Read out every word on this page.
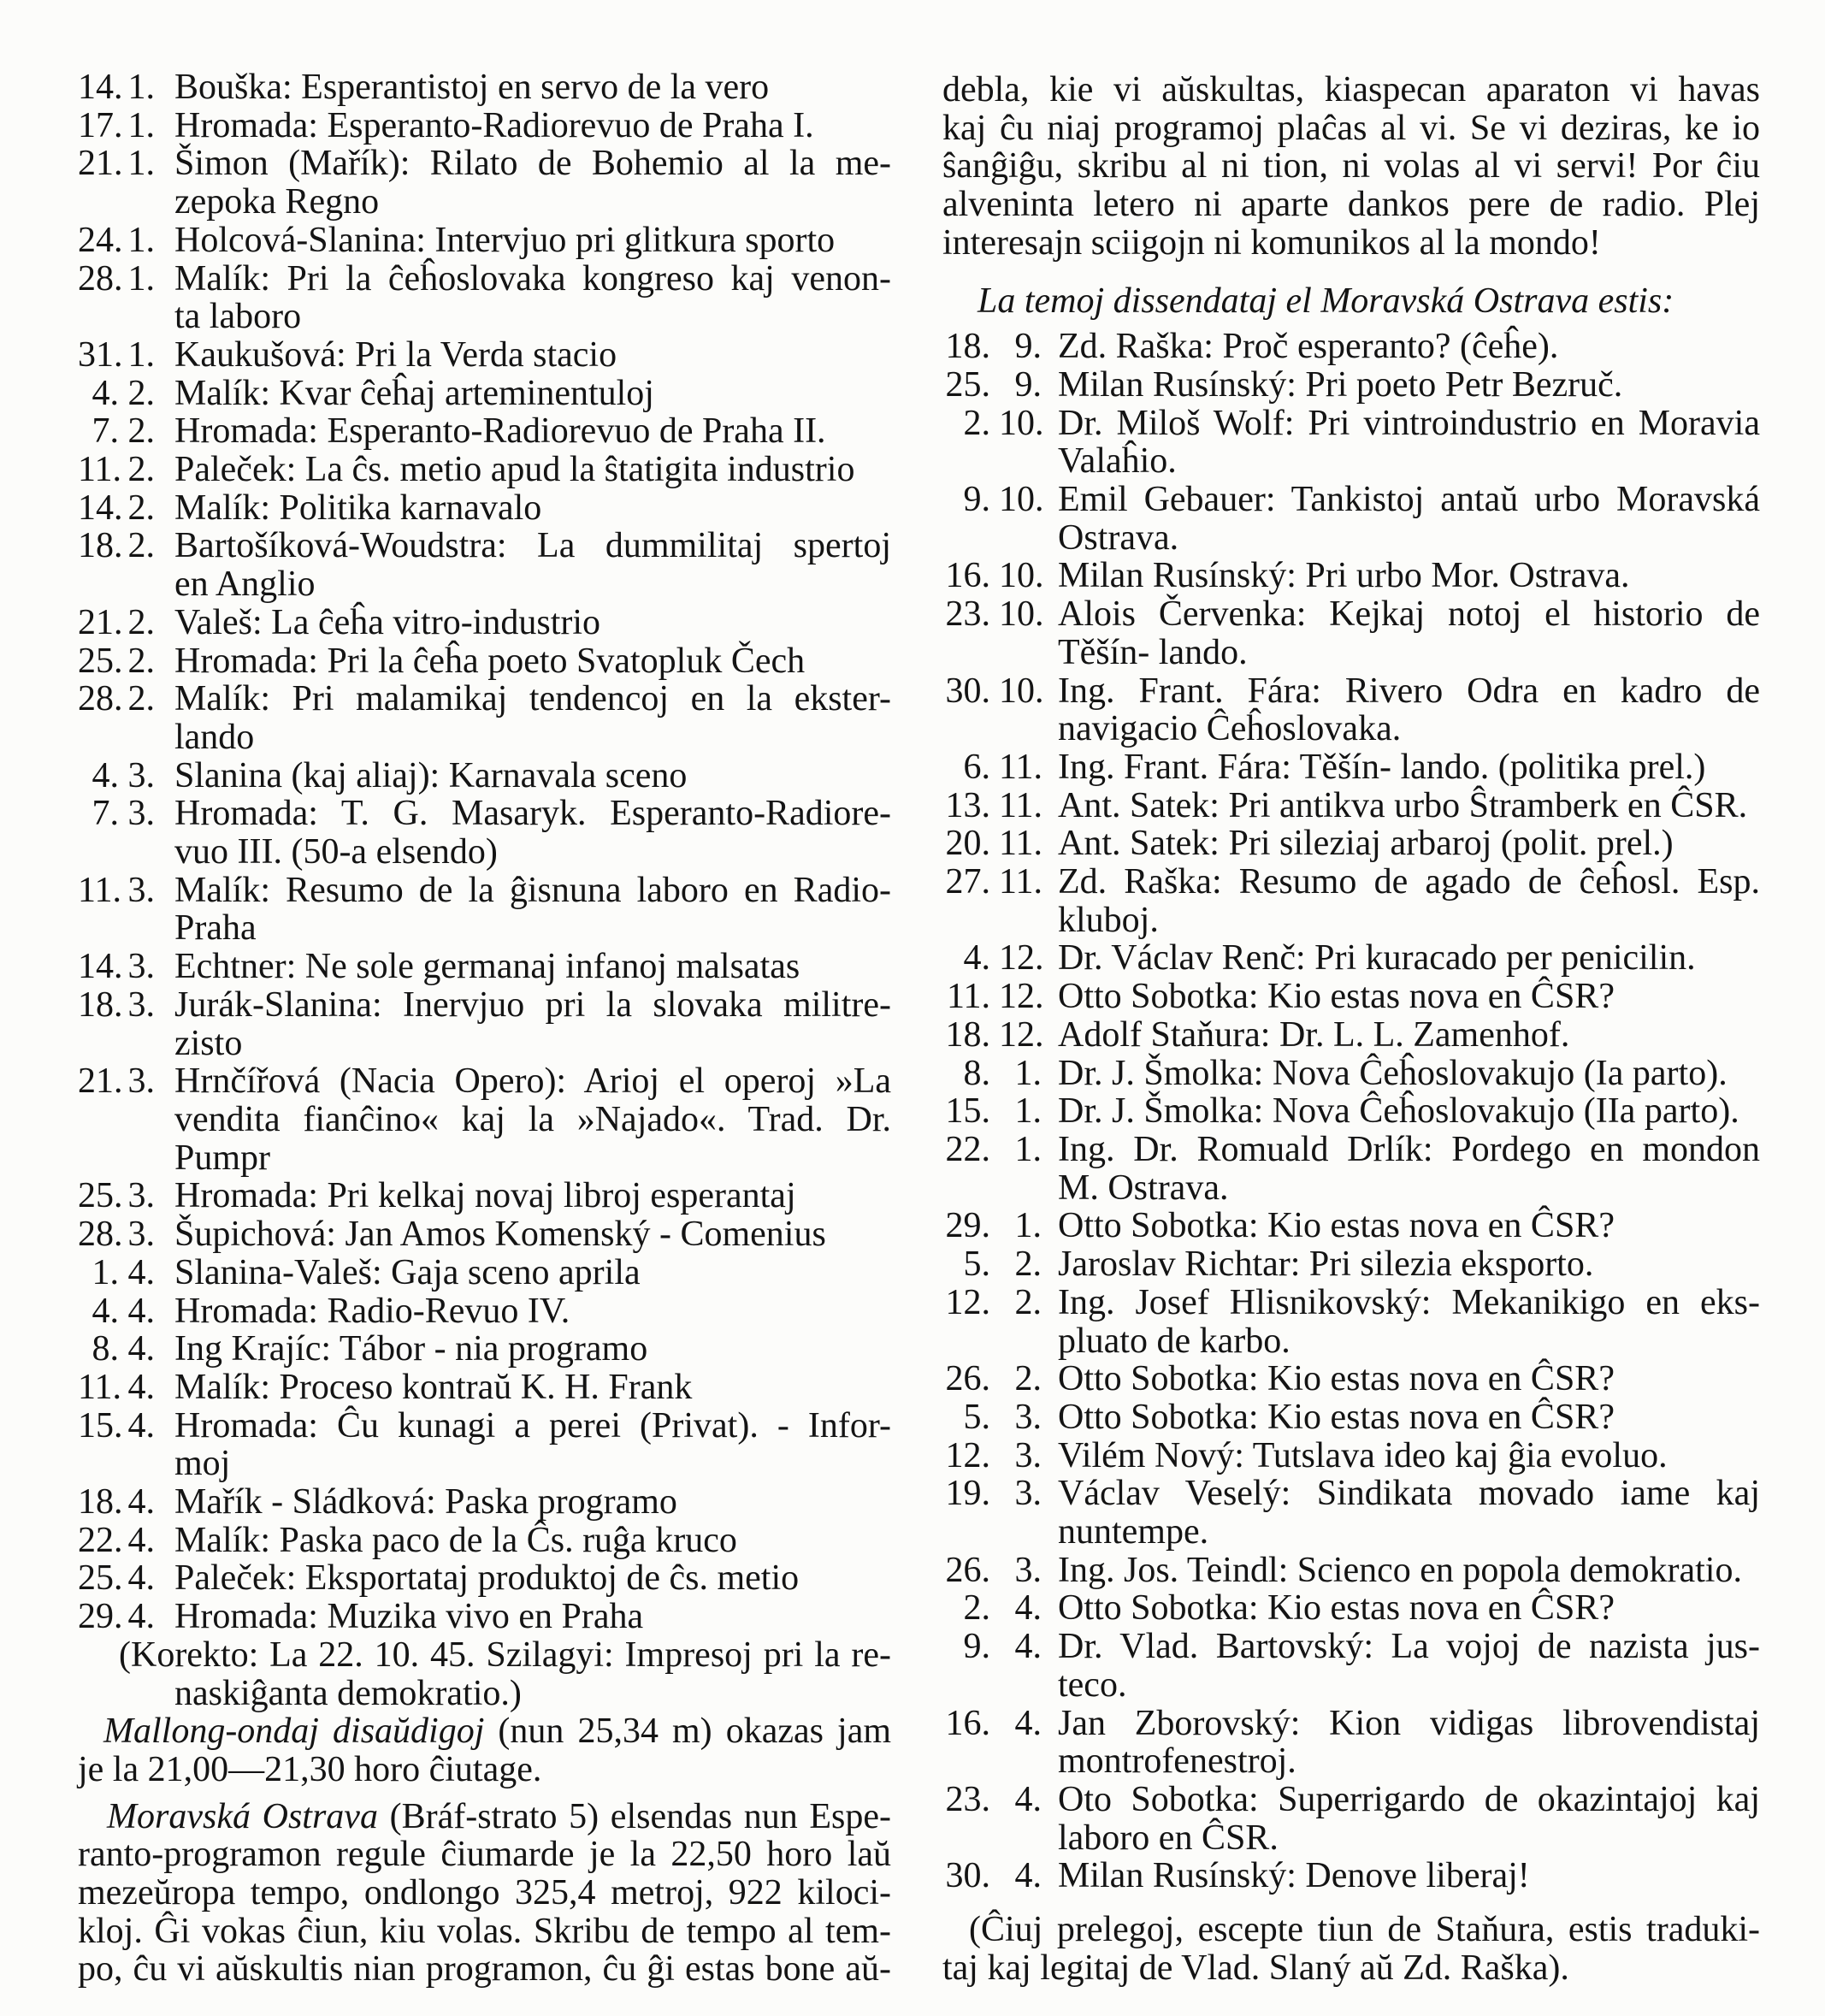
14. 1. Bouška: Esperantistoj en servo de la vero
17. 1. Hromada: Esperanto-Radiorevuo de Praha I.
21. 1. Šimon (Mařík): Rilato de Bohemio al la me-
zepoka Regno
24. 1. Holcová-Slanina: Intervjuo pri glitkura sporto
28. 1. Malík: Pri la ĉeĥoslovaka kongreso kaj venon-
ta laboro
31. 1. Kaukušová: Pri la Verda stacio
4. 2. Malík: Kvar ĉeĥaj arteminentuloj
7. 2. Hromada: Esperanto-Radiorevuo de Praha II.
11. 2. Paleček: La ĉs. metio apud la ŝtatigita industrio
14. 2. Malík: Politika karnavalo
18. 2. Bartošíková-Woudstra: La dummilitaj spertoj
en Anglio
21. 2. Valeš: La ĉeĥa vitro-industrio
25. 2. Hromada: Pri la ĉeĥa poeto Svatopluk Čech
28. 2. Malík: Pri malamikaj tendencoj en la ekster-
lando
4. 3. Slanina (kaj aliaj): Karnavala sceno
7. 3. Hromada: T. G. Masaryk. Esperanto-Radiore-
vuo III. (50-a elsendo)
11. 3. Malík: Resumo de la ĝisnuna laboro en Radio-
Praha
14. 3. Echtner: Ne sole germanaj infanoj malsatas
18. 3. Jurák-Slanina: Inervjuo pri la slovaka militre-
zisto
21. 3. Hrnčířová (Nacia Opero): Arioj el operoj »La
vendita fianĉino« kaj la »Najado«. Trad. Dr.
Pumpr
25. 3. Hromada: Pri kelkaj novaj libroj esperantaj
28. 3. Šupichová: Jan Amos Komenský - Comenius
1. 4. Slanina-Valeš: Gaja sceno aprila
4. 4. Hromada: Radio-Revuo IV.
8. 4. Ing Krajíc: Tábor - nia programo
11. 4. Malík: Proceso kontraŭ K. H. Frank
15. 4. Hromada: Ĉu kunagi a perei (Privat). - Infor-
moj
18. 4. Mařík - Sládková: Paska programo
22. 4. Malík: Paska paco de la Ĉs. ruĝa kruco
25. 4. Paleček: Eksportataj produktoj de ĉs. metio
29. 4. Hromada: Muzika vivo en Praha
(Korekto: La 22. 10. 45. Szilagyi: Impresoj pri la re-
naskiĝanta demokratio.)
Mallong-ondaj disaŭdigoj (nun 25,34 m) okazas jam
je la 21,00—21,30 horo ĉiutage.
Moravská Ostrava (Bráf-strato 5) elsendas nun Espe-
ranto-programon regule ĉiumarde je la 22,50 horo laŭ
mezeŭropa tempo, ondlongo 325,4 metroj, 922 kiloci-
kloj. Ĝi vokas ĉiun, kiu volas. Skribu de tempo al tem-
po, ĉu vi aŭskultis nian programon, ĉu ĝi estas bone aŭ-
debla, kie vi aŭskultas, kiaspecan aparaton vi havas
kaj ĉu niaj programoj plaĉas al vi. Se vi deziras, ke io
ŝanĝiĝu, skribu al ni tion, ni volas al vi servi! Por ĉiu
alveninta letero ni aparte dankos pere de radio. Plej
interesajn sciigojn ni komunikos al la mondo!
La temoj dissendataj el Moravská Ostrava estis:
18. 9. Zd. Raška: Proč esperanto? (ĉeĥe).
25. 9. Milan Rusínský: Pri poeto Petr Bezruč.
2. 10. Dr. Miloš Wolf: Pri vintroindustrio en Moravia
Valaĥio.
9. 10. Emil Gebauer: Tankistoj antaŭ urbo Moravská
Ostrava.
16. 10. Milan Rusínský: Pri urbo Mor. Ostrava.
23. 10. Alois Červenka: Kejkaj notoj el historio de
Těšín- lando.
30. 10. Ing. Frant. Fára: Rivero Odra en kadro de
navigacio Ĉeĥoslovaka.
6. 11. Ing. Frant. Fára: Těšín- lando. (politika prel.)
13. 11. Ant. Satek: Pri antikva urbo Ŝtramberk en ĈSR.
20. 11. Ant. Satek: Pri sileziaj arbaroj (polit. prel.)
27. 11. Zd. Raška: Resumo de agado de ĉeĥosl. Esp.
kluboj.
4. 12. Dr. Václav Renč: Pri kuracado per penicilin.
11. 12. Otto Sobotka: Kio estas nova en ĈSR?
18. 12. Adolf Staňura: Dr. L. L. Zamenhof.
8. 1. Dr. J. Šmolka: Nova Ĉeĥoslovakujo (Ia parto).
15. 1. Dr. J. Šmolka: Nova Ĉeĥoslovakujo (IIa parto).
22. 1. Ing. Dr. Romuald Drlík: Pordego en mondon
M. Ostrava.
29. 1. Otto Sobotka: Kio estas nova en ĈSR?
5. 2. Jaroslav Richtar: Pri silezia eksporto.
12. 2. Ing. Josef Hlisnikovský: Mekanikigo en eks-
pluato de karbo.
26. 2. Otto Sobotka: Kio estas nova en ĈSR?
5. 3. Otto Sobotka: Kio estas nova en ĈSR?
12. 3. Vilém Nový: Tutslava ideo kaj ĝia evoluo.
19. 3. Václav Veselý: Sindikata movado iame kaj
nuntempe.
26. 3. Ing. Jos. Teindl: Scienco en popola demokratio.
2. 4. Otto Sobotka: Kio estas nova en ĈSR?
9. 4. Dr. Vlad. Bartovský: La vojoj de nazista jus-
teco.
16. 4. Jan Zborovský: Kion vidigas librovendistaj
montrofenestroj.
23. 4. Oto Sobotka: Superrigardo de okazintajoj kaj
laboro en ĈSR.
30. 4. Milan Rusínský: Denove liberaj!
(Ĉiuj prelegoj, escepte tiun de Staňura, estis traduki-
taj kaj legitaj de Vlad. Slaný aŭ Zd. Raška).
